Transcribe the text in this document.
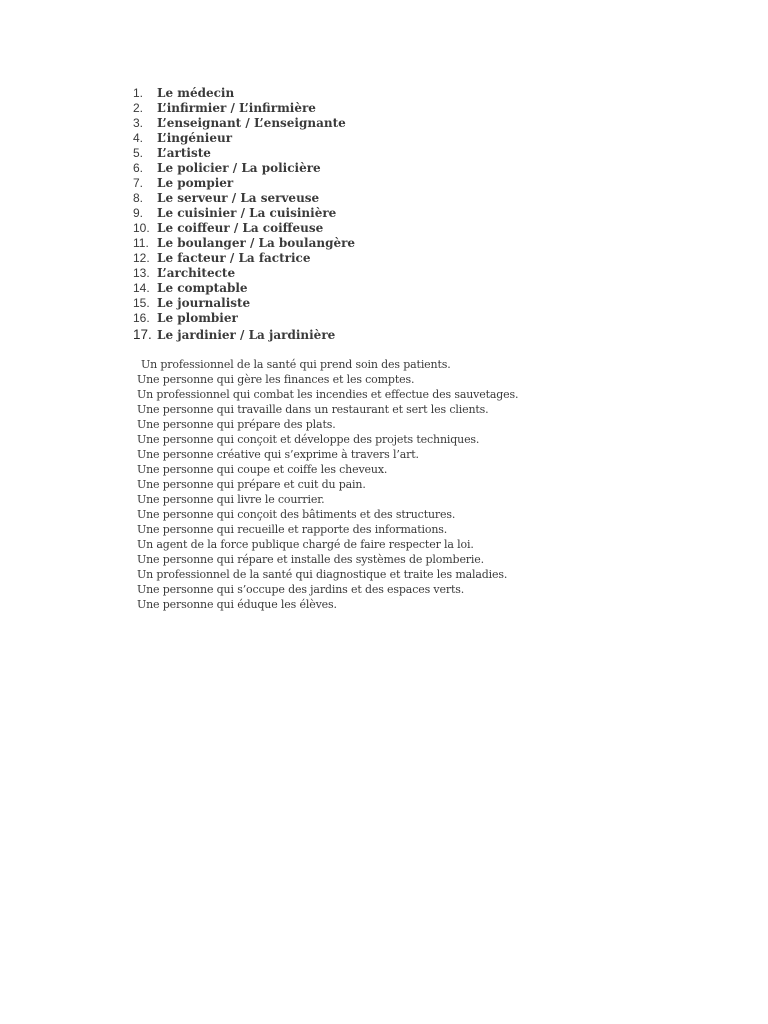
1. Le médecin
2. L’infirmier / L’infirmière
3. L’enseignant / L’enseignante
4. L’ingénieur
5. L’artiste
6. Le policier / La policière
7. Le pompier
8. Le serveur / La serveuse
9. Le cuisinier / La cuisinière
10. Le coiffeur / La coiffeuse
11. Le boulanger / La boulangère
12. Le facteur / La factrice
13. L’architecte
14. Le comptable
15. Le journaliste
16. Le plombier
17. Le jardinier / La jardinière
Un professionnel de la santé qui prend soin des patients.
Une personne qui gère les finances et les comptes.
Un professionnel qui combat les incendies et effectue des sauvetages.
Une personne qui travaille dans un restaurant et sert les clients.
Une personne qui prépare des plats.
Une personne qui conçoit et développe des projets techniques.
Une personne créative qui s’exprime à travers l’art.
Une personne qui coupe et coiffe les cheveux.
Une personne qui prépare et cuit du pain.
Une personne qui livre le courrier.
Une personne qui conçoit des bâtiments et des structures.
Une personne qui recueille et rapporte des informations.
Un agent de la force publique chargé de faire respecter la loi.
Une personne qui répare et installe des systèmes de plomberie.
Un professionnel de la santé qui diagnostique et traite les maladies.
Une personne qui s’occupe des jardins et des espaces verts.
Une personne qui éduque les élèves.
